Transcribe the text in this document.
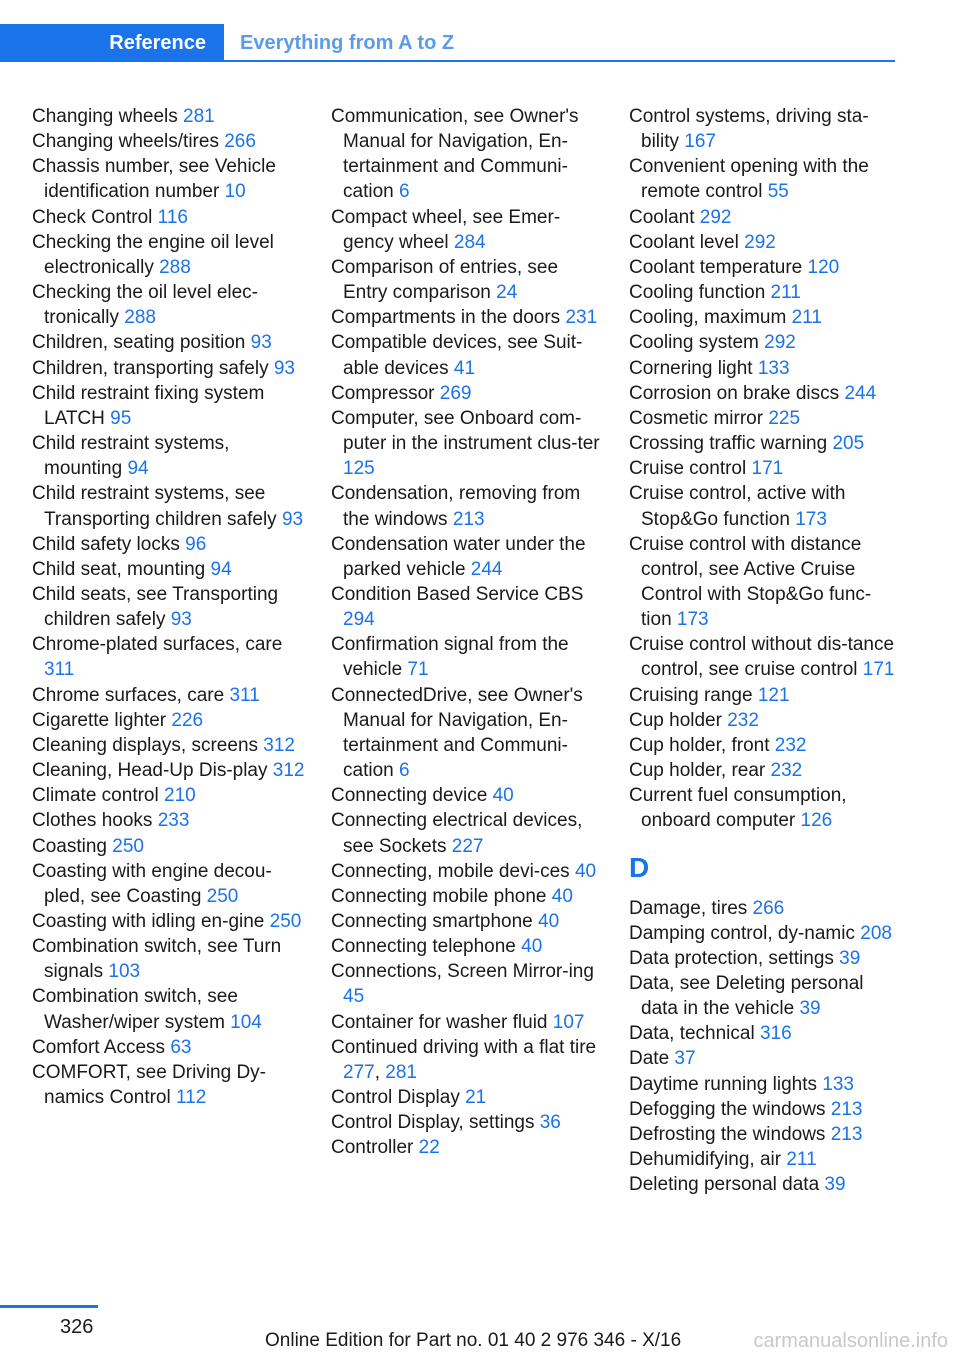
Reference	Everything from A to Z

Changing wheels 281

Changing wheels/tires 266

Chassis number, see Vehicle identification number 10

Check Control 116

Checking the engine oil level electronically 288

Checking the oil level elec-tronically 288

Children, seating position 93

Children, transporting safely 93

Child restraint fixing system LATCH 95

Child restraint systems, mounting 94

Child restraint systems, see Transporting children safely 93

Child safety locks 96

Child seat, mounting 94

Child seats, see Transporting children safely 93

Chrome-plated surfaces, care 311

Chrome surfaces, care 311

Cigarette lighter 226

Cleaning displays, screens 312

Cleaning, Head-Up Dis-play 312

Climate control 210

Clothes hooks 233

Coasting 250

Coasting with engine decou-pled, see Coasting 250

Coasting with idling en-gine 250

Combination switch, see Turn signals 103

Combination switch, see Washer/wiper system 104

Comfort Access 63

COMFORT, see Driving Dy-namics Control 112

Communication, see Owner's Manual for Navigation, En-tertainment and Communi-cation 6

Compact wheel, see Emer-gency wheel 284

Comparison of entries, see Entry comparison 24

Compartments in the doors 231

Compatible devices, see Suit-able devices 41

Compressor 269

Computer, see Onboard com-puter in the instrument clus-ter 125

Condensation, removing from the windows 213

Condensation water under the parked vehicle 244

Condition Based Service CBS 294

Confirmation signal from the vehicle 71

ConnectedDrive, see Owner's Manual for Navigation, En-tertainment and Communi-cation 6

Connecting device 40

Connecting electrical devices, see Sockets 227

Connecting, mobile devi-ces 40

Connecting mobile phone 40

Connecting smartphone 40

Connecting telephone 40

Connections, Screen Mirror-ing 45

Container for washer fluid 107

Continued driving with a flat tire 277, 281

Control Display 21

Control Display, settings 36

Controller 22

Control systems, driving sta-bility 167

Convenient opening with the remote control 55

Coolant 292

Coolant level 292

Coolant temperature 120

Cooling function 211

Cooling, maximum 211

Cooling system 292

Cornering light 133

Corrosion on brake discs 244

Cosmetic mirror 225

Crossing traffic warning 205

Cruise control 171

Cruise control, active with Stop&Go function 173

Cruise control with distance control, see Active Cruise Control with Stop&Go func-tion 173

Cruise control without dis-tance control, see cruise control 171

Cruising range 121

Cup holder 232

Cup holder, front 232

Cup holder, rear 232

Current fuel consumption, onboard computer 126

D

Damage, tires 266

Damping control, dy-namic 208

Data protection, settings 39

Data, see Deleting personal data in the vehicle 39

Data, technical 316

Date 37

Daytime running lights 133

Defogging the windows 213

Defrosting the windows 213

Dehumidifying, air 211

Deleting personal data 39

326
Online Edition for Part no. 01 40 2 976 346 - X/16	carmanualsonline.info
